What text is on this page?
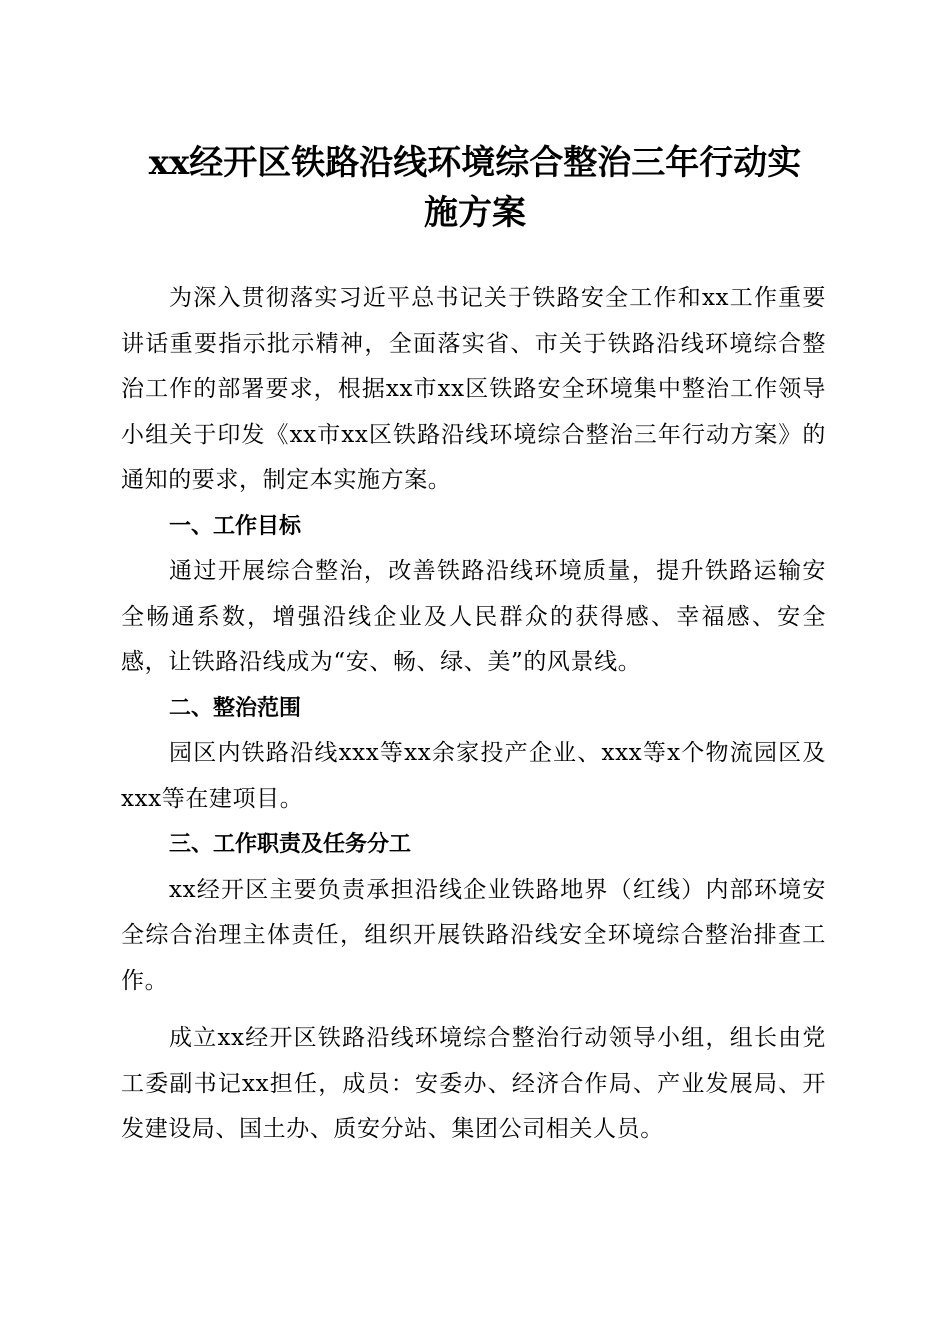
xx经开区铁路沿线环境综合整治三年行动实
施方案

为深入贯彻落实习近平总书记关于铁路安全工作和xx工作重要讲话重要指示批示精神，全面落实省、市关于铁路沿线环境综合整治工作的部署要求，根据xx市xx区铁路安全环境集中整治工作领导小组关于印发《xx市xx区铁路沿线环境综合整治三年行动方案》的通知的要求，制定本实施方案。

一、工作目标

通过开展综合整治，改善铁路沿线环境质量，提升铁路运输安全畅通系数，增强沿线企业及人民群众的获得感、幸福感、安全感，让铁路沿线成为“安、畅、绿、美”的风景线。

二、整治范围

园区内铁路沿线xxx等xx余家投产企业、xxx等x个物流园区及xxx等在建项目。

三、工作职责及任务分工

xx经开区主要负责承担沿线企业铁路地界（红线）内部环境安全综合治理主体责任，组织开展铁路沿线安全环境综合整治排查工作。

成立xx经开区铁路沿线环境综合整治行动领导小组，组长由党工委副书记xx担任，成员：安委办、经济合作局、产业发展局、开发建设局、国土办、质安分站、集团公司相关人员。
